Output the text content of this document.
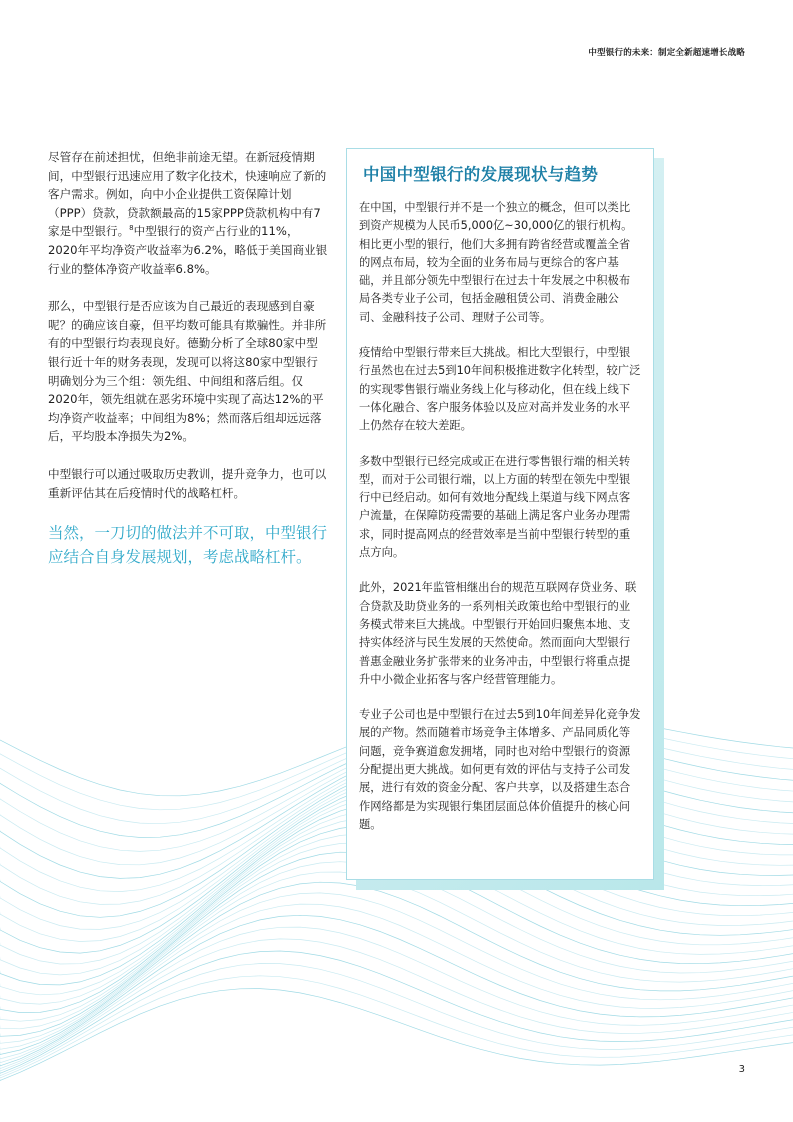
中型银行的未来：制定全新超速增长战略

尽管存在前述担忧，但绝非前途无望。在新冠疫情期间，中型银行迅速应用了数字化技术，快速响应了新的客户需求。例如，向中小企业提供工资保障计划（PPP）贷款，贷款额最高的15家PPP贷款机构中有7家是中型银行。$^8$中型银行的资产占行业的11%，2020年平均净资产收益率为6.2%，略低于美国商业银行业的整体净资产收益率6.8%。

那么，中型银行是否应该为自己最近的表现感到自豪呢？的确应该自豪，但平均数可能具有欺骗性。并非所有的中型银行均表现良好。德勤分析了全球80家中型银行近十年的财务表现，发现可以将这80家中型银行明确划分为三个组：领先组、中间组和落后组。仅2020年，领先组就在恶劣环境中实现了高达12%的平均净资产收益率；中间组为8%；然而落后组却远远落后，平均股本净损失为2%。

中型银行可以通过吸取历史教训，提升竞争力，也可以重新评估其在后疫情时代的战略杠杆。

当然，一刀切的做法并不可取，中型银行应结合自身发展规划，考虑战略杠杆。
中国中型银行的发展现状与趋势

在中国，中型银行并不是一个独立的概念，但可以类比到资产规模为人民币5,000亿~30,000亿的银行机构。相比更小型的银行，他们大多拥有跨省经营或覆盖全省的网点布局，较为全面的业务布局与更综合的客户基础，并且部分领先中型银行在过去十年发展之中积极布局各类专业子公司，包括金融租赁公司、消费金融公司、金融科技子公司、理财子公司等。

疫情给中型银行带来巨大挑战。相比大型银行，中型银行虽然也在过去5到10年间积极推进数字化转型，较广泛的实现零售银行端业务线上化与移动化，但在线上线下一体化融合、客户服务体验以及应对高并发业务的水平上仍然存在较大差距。

多数中型银行已经完成或正在进行零售银行端的相关转型，而对于公司银行端，以上方面的转型在领先中型银行中已经启动。如何有效地分配线上渠道与线下网点客户流量，在保障防疫需要的基础上满足客户业务办理需求，同时提高网点的经营效率是当前中型银行转型的重点方向。

此外，2021年监管相继出台的规范互联网存贷业务、联合贷款及助贷业务的一系列相关政策也给中型银行的业务模式带来巨大挑战。中型银行开始回归聚焦本地、支持实体经济与民生发展的天然使命。然而面向大型银行普惠金融业务扩张带来的业务冲击，中型银行将重点提升中小微企业拓客与客户经营管理能力。

专业子公司也是中型银行在过去5到10年间差异化竞争发展的产物。然而随着市场竞争主体增多、产品同质化等问题，竞争赛道愈发拥堵，同时也对给中型银行的资源分配提出更大挑战。如何更有效的评估与支持子公司发展，进行有效的资金分配、客户共享，以及搭建生态合作网络都是为实现银行集团层面总体价值提升的核心问题。

3
